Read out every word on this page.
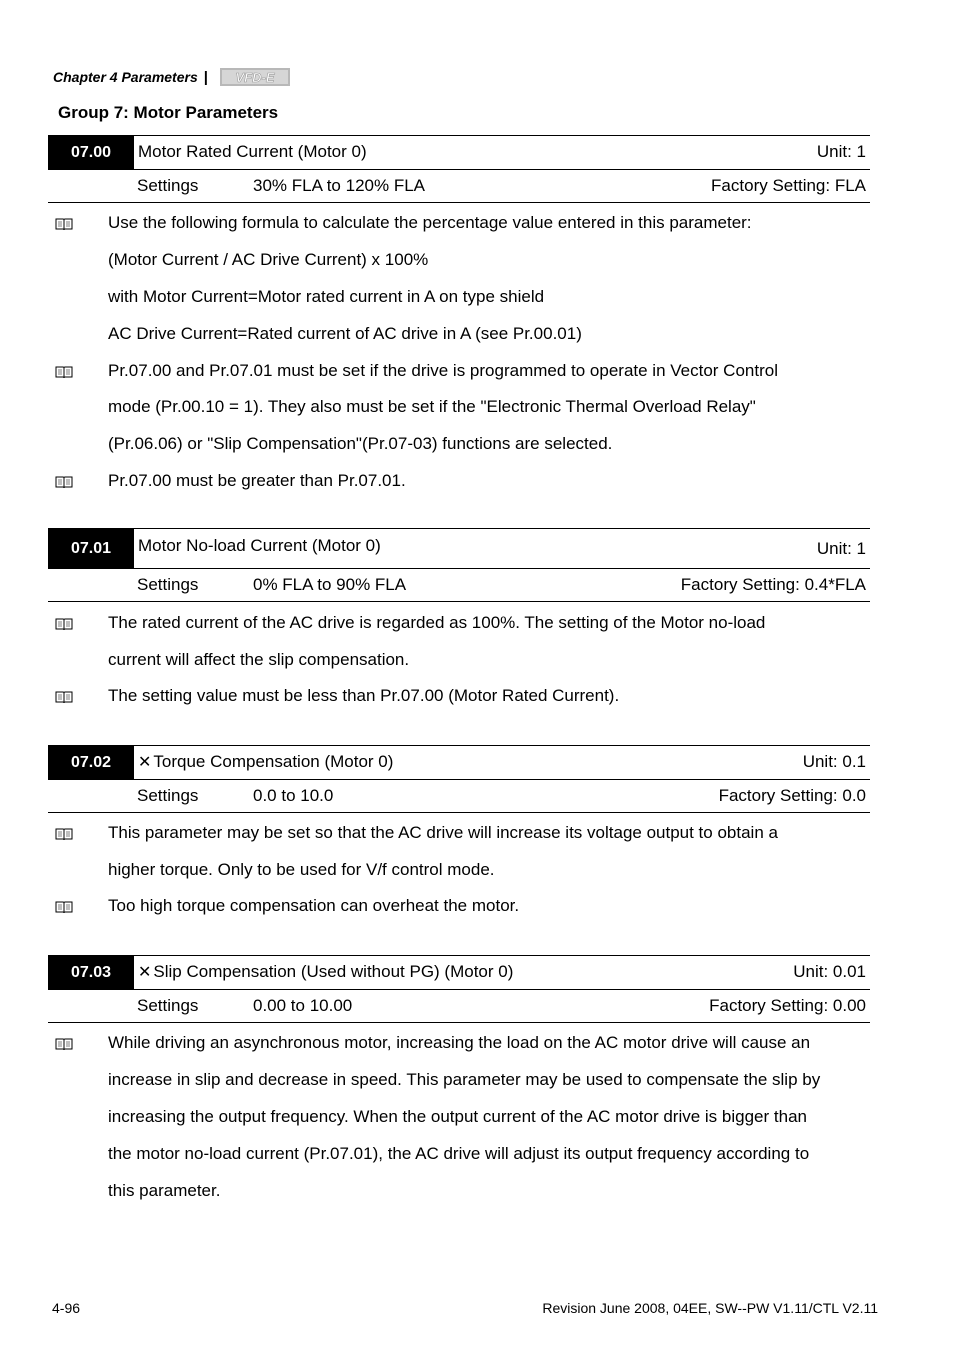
Chapter 4 Parameters | VFD-E
Group 7: Motor Parameters
07.00	Motor Rated Current (Motor 0)	Unit: 1
Settings	30% FLA to 120% FLA	Factory Setting: FLA
Use the following formula to calculate the percentage value entered in this parameter:
(Motor Current / AC Drive Current) x 100%
with Motor Current=Motor rated current in A on type shield
AC Drive Current=Rated current of AC drive in A (see Pr.00.01)
Pr.07.00 and Pr.07.01 must be set if the drive is programmed to operate in Vector Control
mode (Pr.00.10 = 1). They also must be set if the "Electronic Thermal Overload Relay"
(Pr.06.06) or "Slip Compensation"(Pr.07-03) functions are selected.
Pr.07.00 must be greater than Pr.07.01.
07.01	Motor No-load Current (Motor 0)	Unit: 1
Settings	0% FLA to 90% FLA	Factory Setting: 0.4*FLA
The rated current of the AC drive is regarded as 100%. The setting of the Motor no-load
current will affect the slip compensation.
The setting value must be less than Pr.07.00 (Motor Rated Current).
07.02	✕ Torque Compensation (Motor 0)	Unit: 0.1
Settings	0.0 to 10.0	Factory Setting: 0.0
This parameter may be set so that the AC drive will increase its voltage output to obtain a
higher torque. Only to be used for V/f control mode.
Too high torque compensation can overheat the motor.
07.03	✕ Slip Compensation (Used without PG) (Motor 0)	Unit: 0.01
Settings	0.00 to 10.00	Factory Setting: 0.00
While driving an asynchronous motor, increasing the load on the AC motor drive will cause an
increase in slip and decrease in speed. This parameter may be used to compensate the slip by
increasing the output frequency. When the output current of the AC motor drive is bigger than
the motor no-load current (Pr.07.01), the AC drive will adjust its output frequency according to
this parameter.
4-96	Revision June 2008, 04EE, SW--PW V1.11/CTL V2.11
